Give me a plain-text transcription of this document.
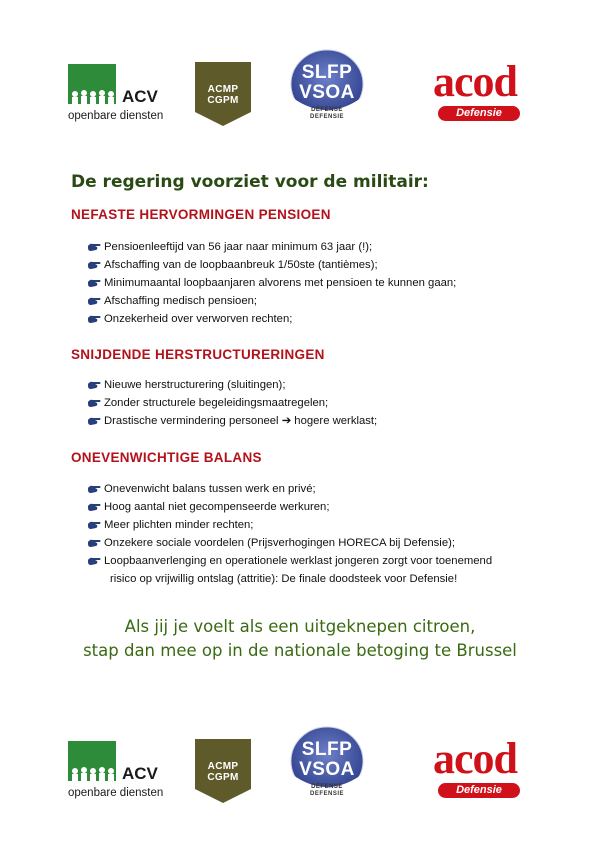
ACV
openbare diensten
ACMP
CGPM
SLFP
VSOA
DÉFENSE
DEFENSIE
acod
Defensie
De regering voorziet voor de militair:
NEFASTE HERVORMINGEN PENSIOEN
Pensioenleeftijd van 56 jaar naar minimum 63 jaar (!);
Afschaffing van de loopbaanbreuk 1/50ste (tantièmes);
Minimumaantal loopbaanjaren alvorens met pensioen te kunnen gaan;
Afschaffing medisch pensioen;
Onzekerheid over verworven rechten;
SNIJDENDE HERSTRUCTURERINGEN
Nieuwe herstructurering (sluitingen);
Zonder structurele begeleidingsmaatregelen;
Drastische vermindering personeel ➔ hogere werklast;
ONEVENWICHTIGE BALANS
Onevenwicht balans tussen werk en privé;
Hoog aantal niet gecompenseerde werkuren;
Meer plichten minder rechten;
Onzekere sociale voordelen (Prijsverhogingen HORECA bij Defensie);
Loopbaanverlenging en operationele werklast jongeren zorgt voor toenemend
risico op vrijwillig ontslag (attritie): De finale doodsteek voor Defensie!

Als jij je voelt als een uitgeknepen citroen,

stap dan mee op in de nationale betoging te Brussel

ACV
openbare diensten
ACMP
CGPM
SLFP
VSOA
DÉFENSE
DEFENSIE
acod
Defensie
